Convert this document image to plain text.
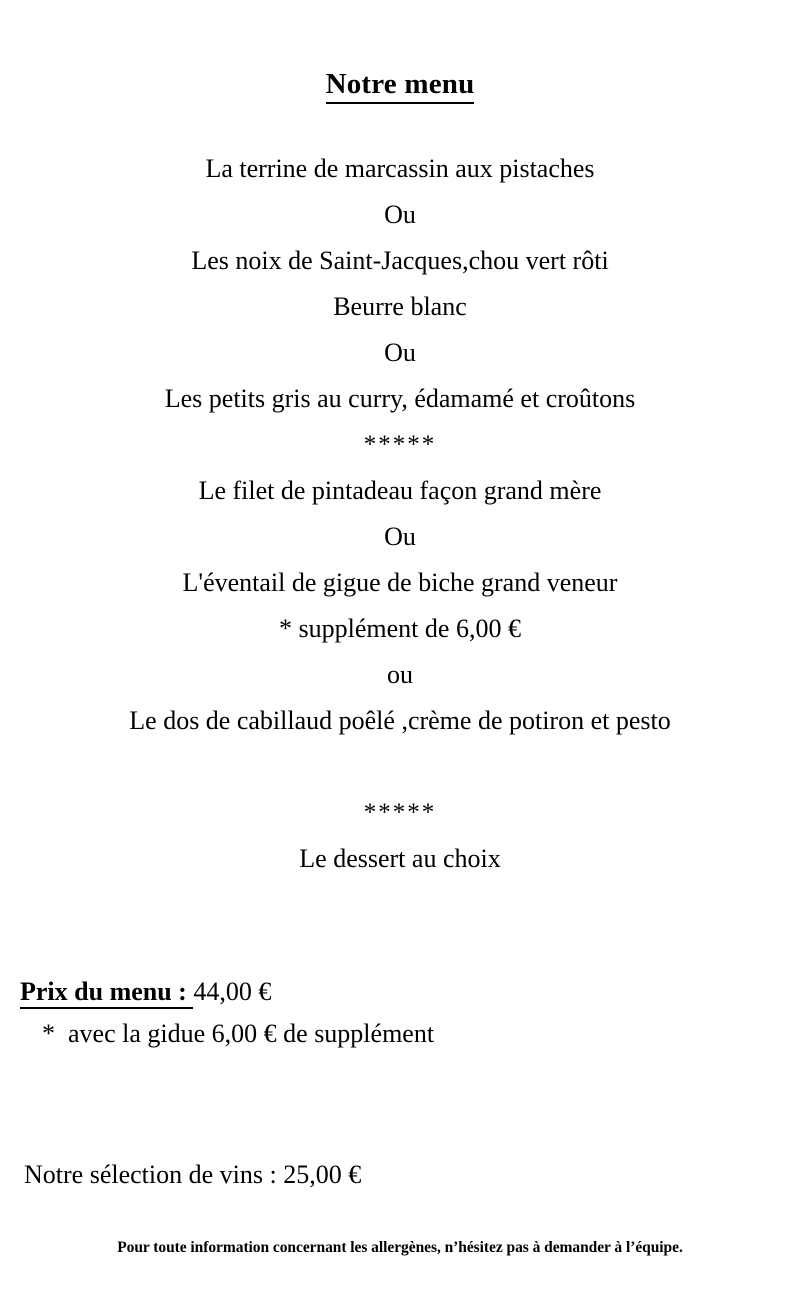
Notre menu
La terrine de marcassin aux pistaches
Ou
Les noix de Saint-Jacques,chou vert rôti
Beurre blanc
Ou
Les petits gris au curry, édamamé et croûtons
*****
Le filet de pintadeau façon grand mère
Ou
L'éventail de gigue de biche grand veneur
* supplément de 6,00 €
ou
Le dos de cabillaud poêlé ,crème de potiron et pesto
*****
Le dessert au choix
Prix du menu : 44,00 €
*  avec la gidue 6,00 € de supplément
Notre sélection de vins : 25,00 €
Pour toute information concernant les allergènes, n’hésitez pas à demander à l’équipe.
